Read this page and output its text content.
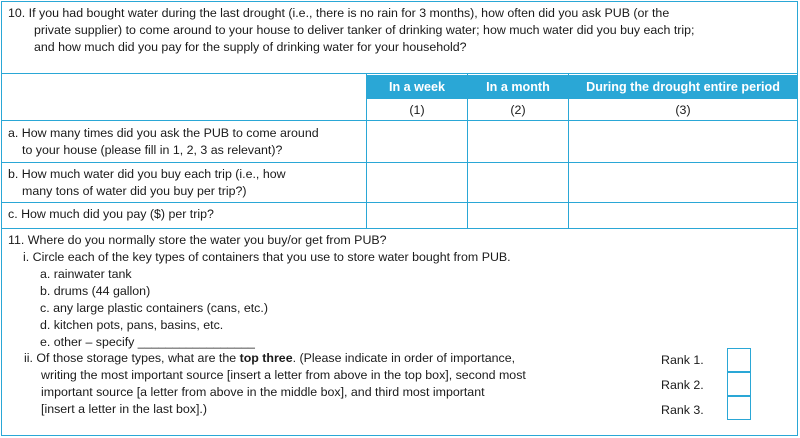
10. If you had bought water during the last drought (i.e., there is no rain for 3 months), how often did you ask PUB (or the
private supplier) to come around to your house to deliver tanker of drinking water; how much water did you buy each trip;
and how much did you pay for the supply of drinking water for your household?
In a week	In a month	During the drought entire period
(1)	(2)	(3)
a. How many times did you ask the PUB to come around
to your house (please fill in 1, 2, 3 as relevant)?
b. How much water did you buy each trip (i.e., how
many tons of water did you buy per trip?)
c. How much did you pay ($) per trip?
11. Where do you normally store the water you buy/or get from PUB?
i. Circle each of the key types of containers that you use to store water bought from PUB.
a. rainwater tank
b. drums (44 gallon)
c. any large plastic containers (cans, etc.)
d. kitchen pots, pans, basins, etc.
e. other – specify _________________
ii. Of those storage types, what are the top three. (Please indicate in order of importance,
writing the most important source [insert a letter from above in the top box], second most
important source [a letter from above in the middle box], and third most important
[insert a letter in the last box].)
Rank 1.
Rank 2.
Rank 3.
